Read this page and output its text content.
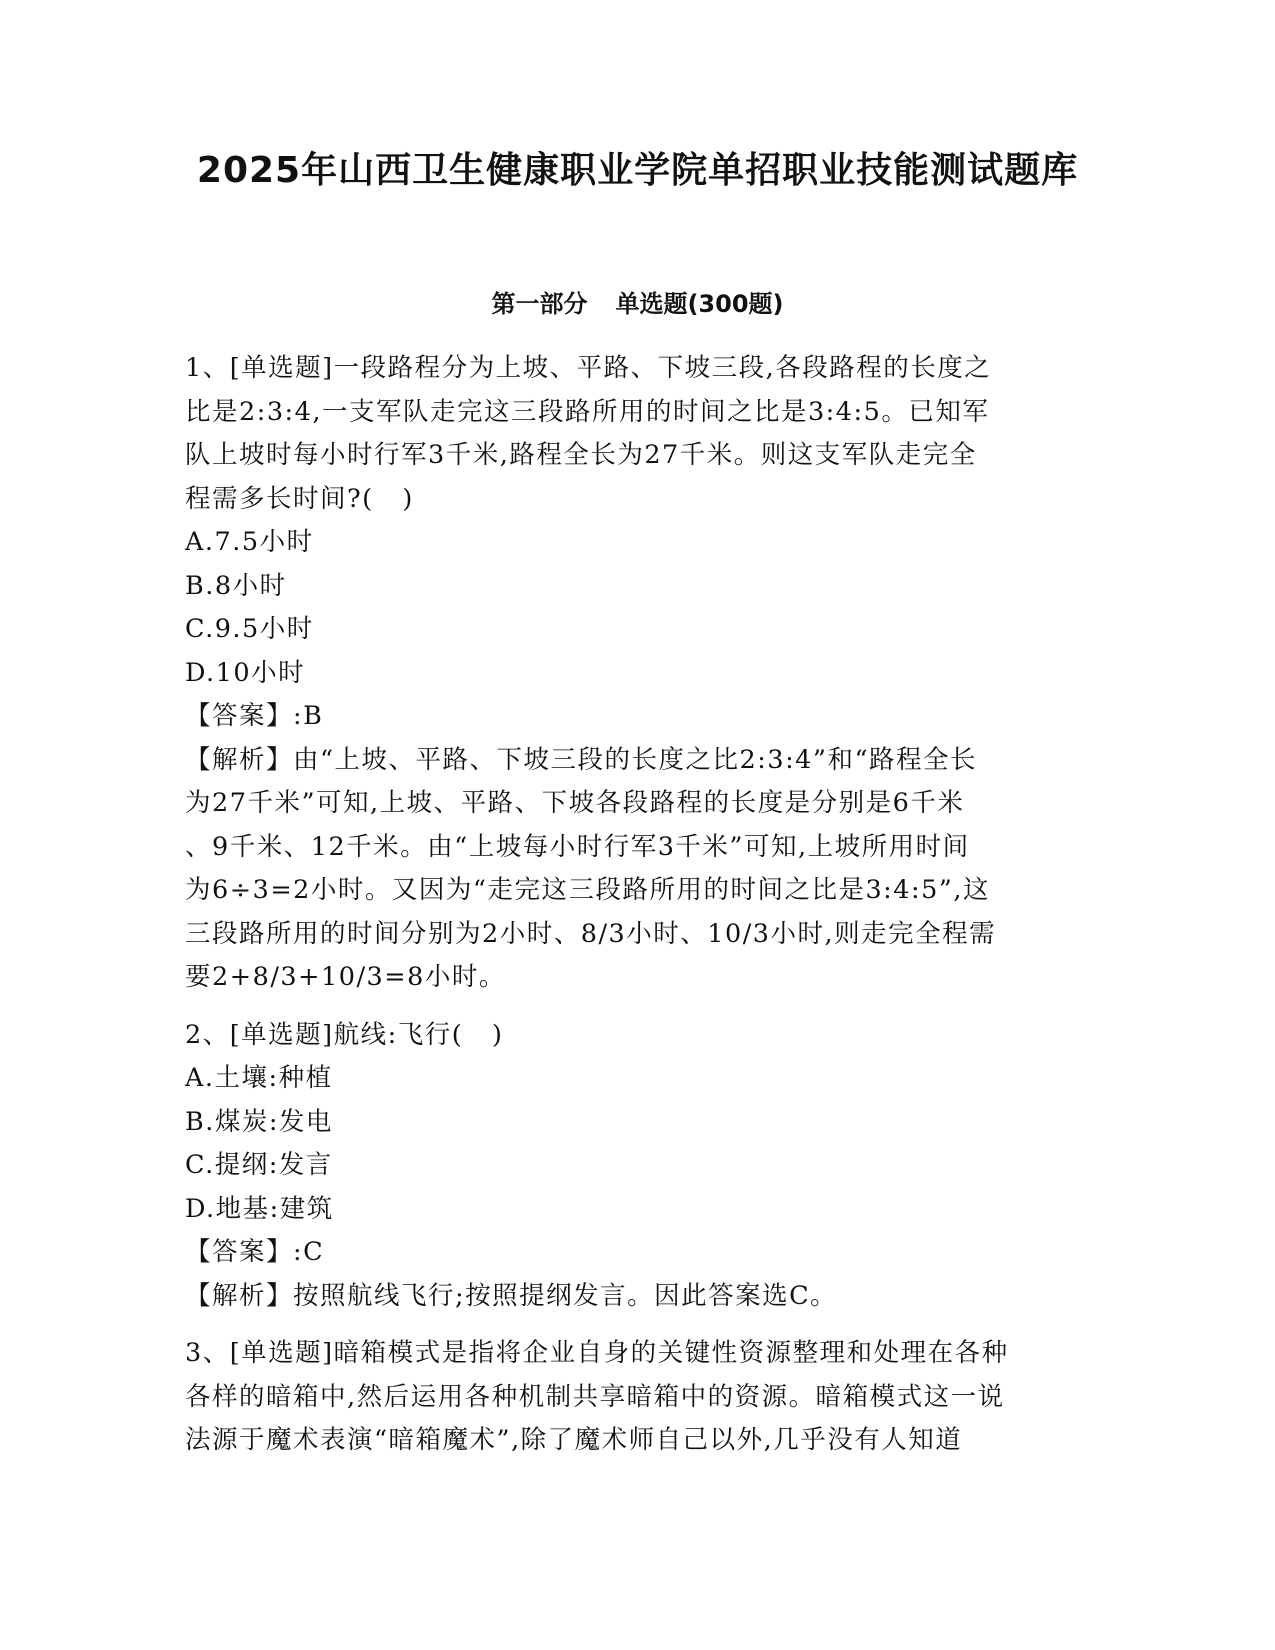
2025年山西卫生健康职业学院单招职业技能测试题库
第一部分 单选题(300题)
1、[单选题]一段路程分为上坡、平路、下坡三段,各段路程的长度之
比是2:3:4,一支军队走完这三段路所用的时间之比是3:4:5。已知军
队上坡时每小时行军3千米,路程全长为27千米。则这支军队走完全
程需多长时间?(   )
A.7.5小时
B.8小时
C.9.5小时
D.10小时
【答案】:B
【解析】由“上坡、平路、下坡三段的长度之比2:3:4”和“路程全长
为27千米”可知,上坡、平路、下坡各段路程的长度是分别是6千米
、9千米、12千米。由“上坡每小时行军3千米”可知,上坡所用时间
为6÷3=2小时。又因为“走完这三段路所用的时间之比是3:4:5”,这
三段路所用的时间分别为2小时、8/3小时、10/3小时,则走完全程需
要2+8/3+10/3=8小时。
2、[单选题]航线:飞行(   )
A.土壤:种植
B.煤炭:发电
C.提纲:发言
D.地基:建筑
【答案】:C
【解析】按照航线飞行;按照提纲发言。因此答案选C。
3、[单选题]暗箱模式是指将企业自身的关键性资源整理和处理在各种
各样的暗箱中,然后运用各种机制共享暗箱中的资源。暗箱模式这一说
法源于魔术表演“暗箱魔术”,除了魔术师自己以外,几乎没有人知道
